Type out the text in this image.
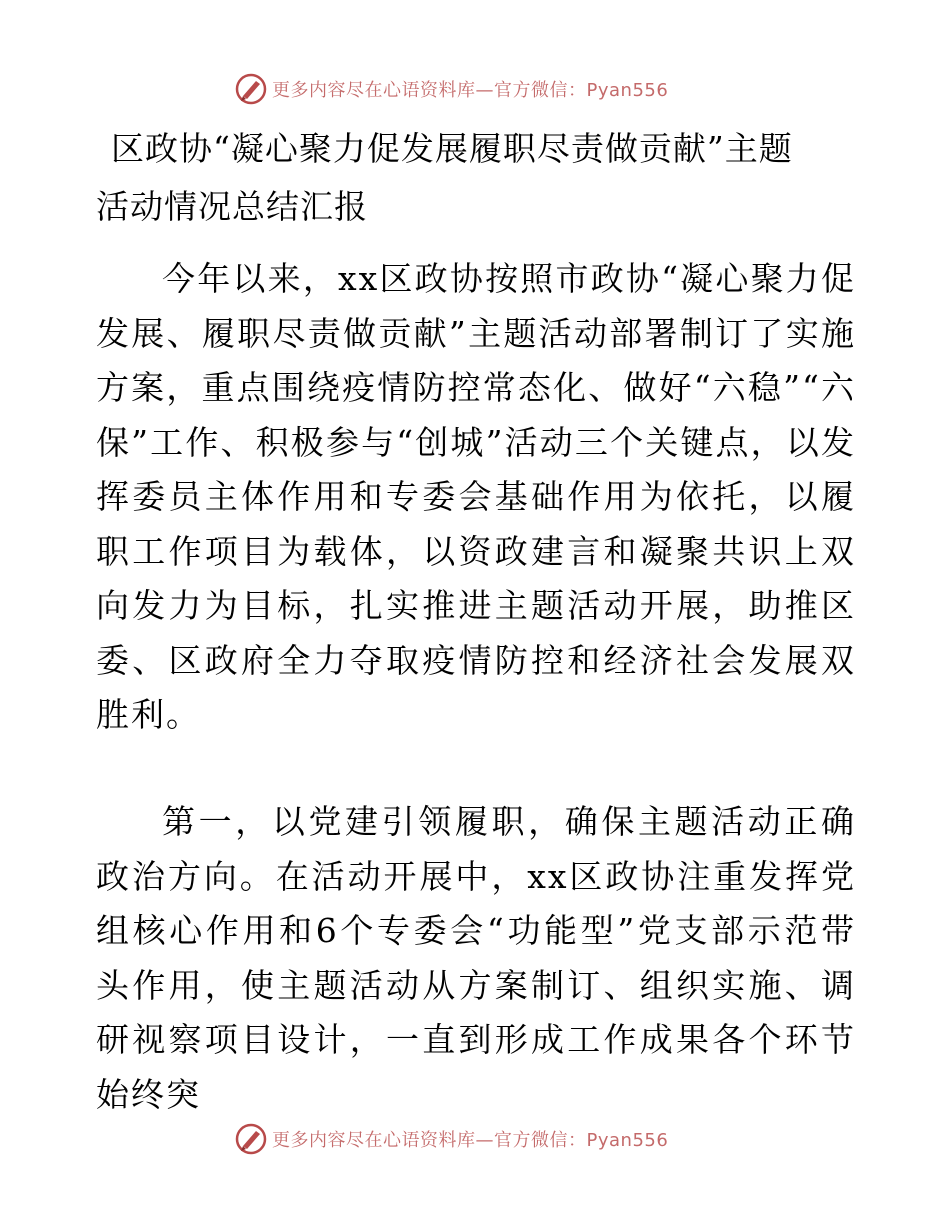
更多内容尽在心语资料库—官方微信：Pyan556
区政协“凝心聚力促发展履职尽责做贡献”主题
活动情况总结汇报

今年以来，xx区政协按照市政协“凝心聚力促发展、履职尽责做贡献”主题活动部署制订了实施方案，重点围绕疫情防控常态化、做好“六稳”“六保”工作、积极参与“创城”活动三个关键点，以发挥委员主体作用和专委会基础作用为依托，以履职工作项目为载体，以资政建言和凝聚共识上双向发力为目标，扎实推进主题活动开展，助推区委、区政府全力夺取疫情防控和经济社会发展双胜利。

第一，以党建引领履职，确保主题活动正确政治方向。在活动开展中，xx区政协注重发挥党组核心作用和6个专委会“功能型”党支部示范带头作用，使主题活动从方案制订、组织实施、调研视察项目设计，一直到形成工作成果各个环节始终突

更多内容尽在心语资料库—官方微信：Pyan556
